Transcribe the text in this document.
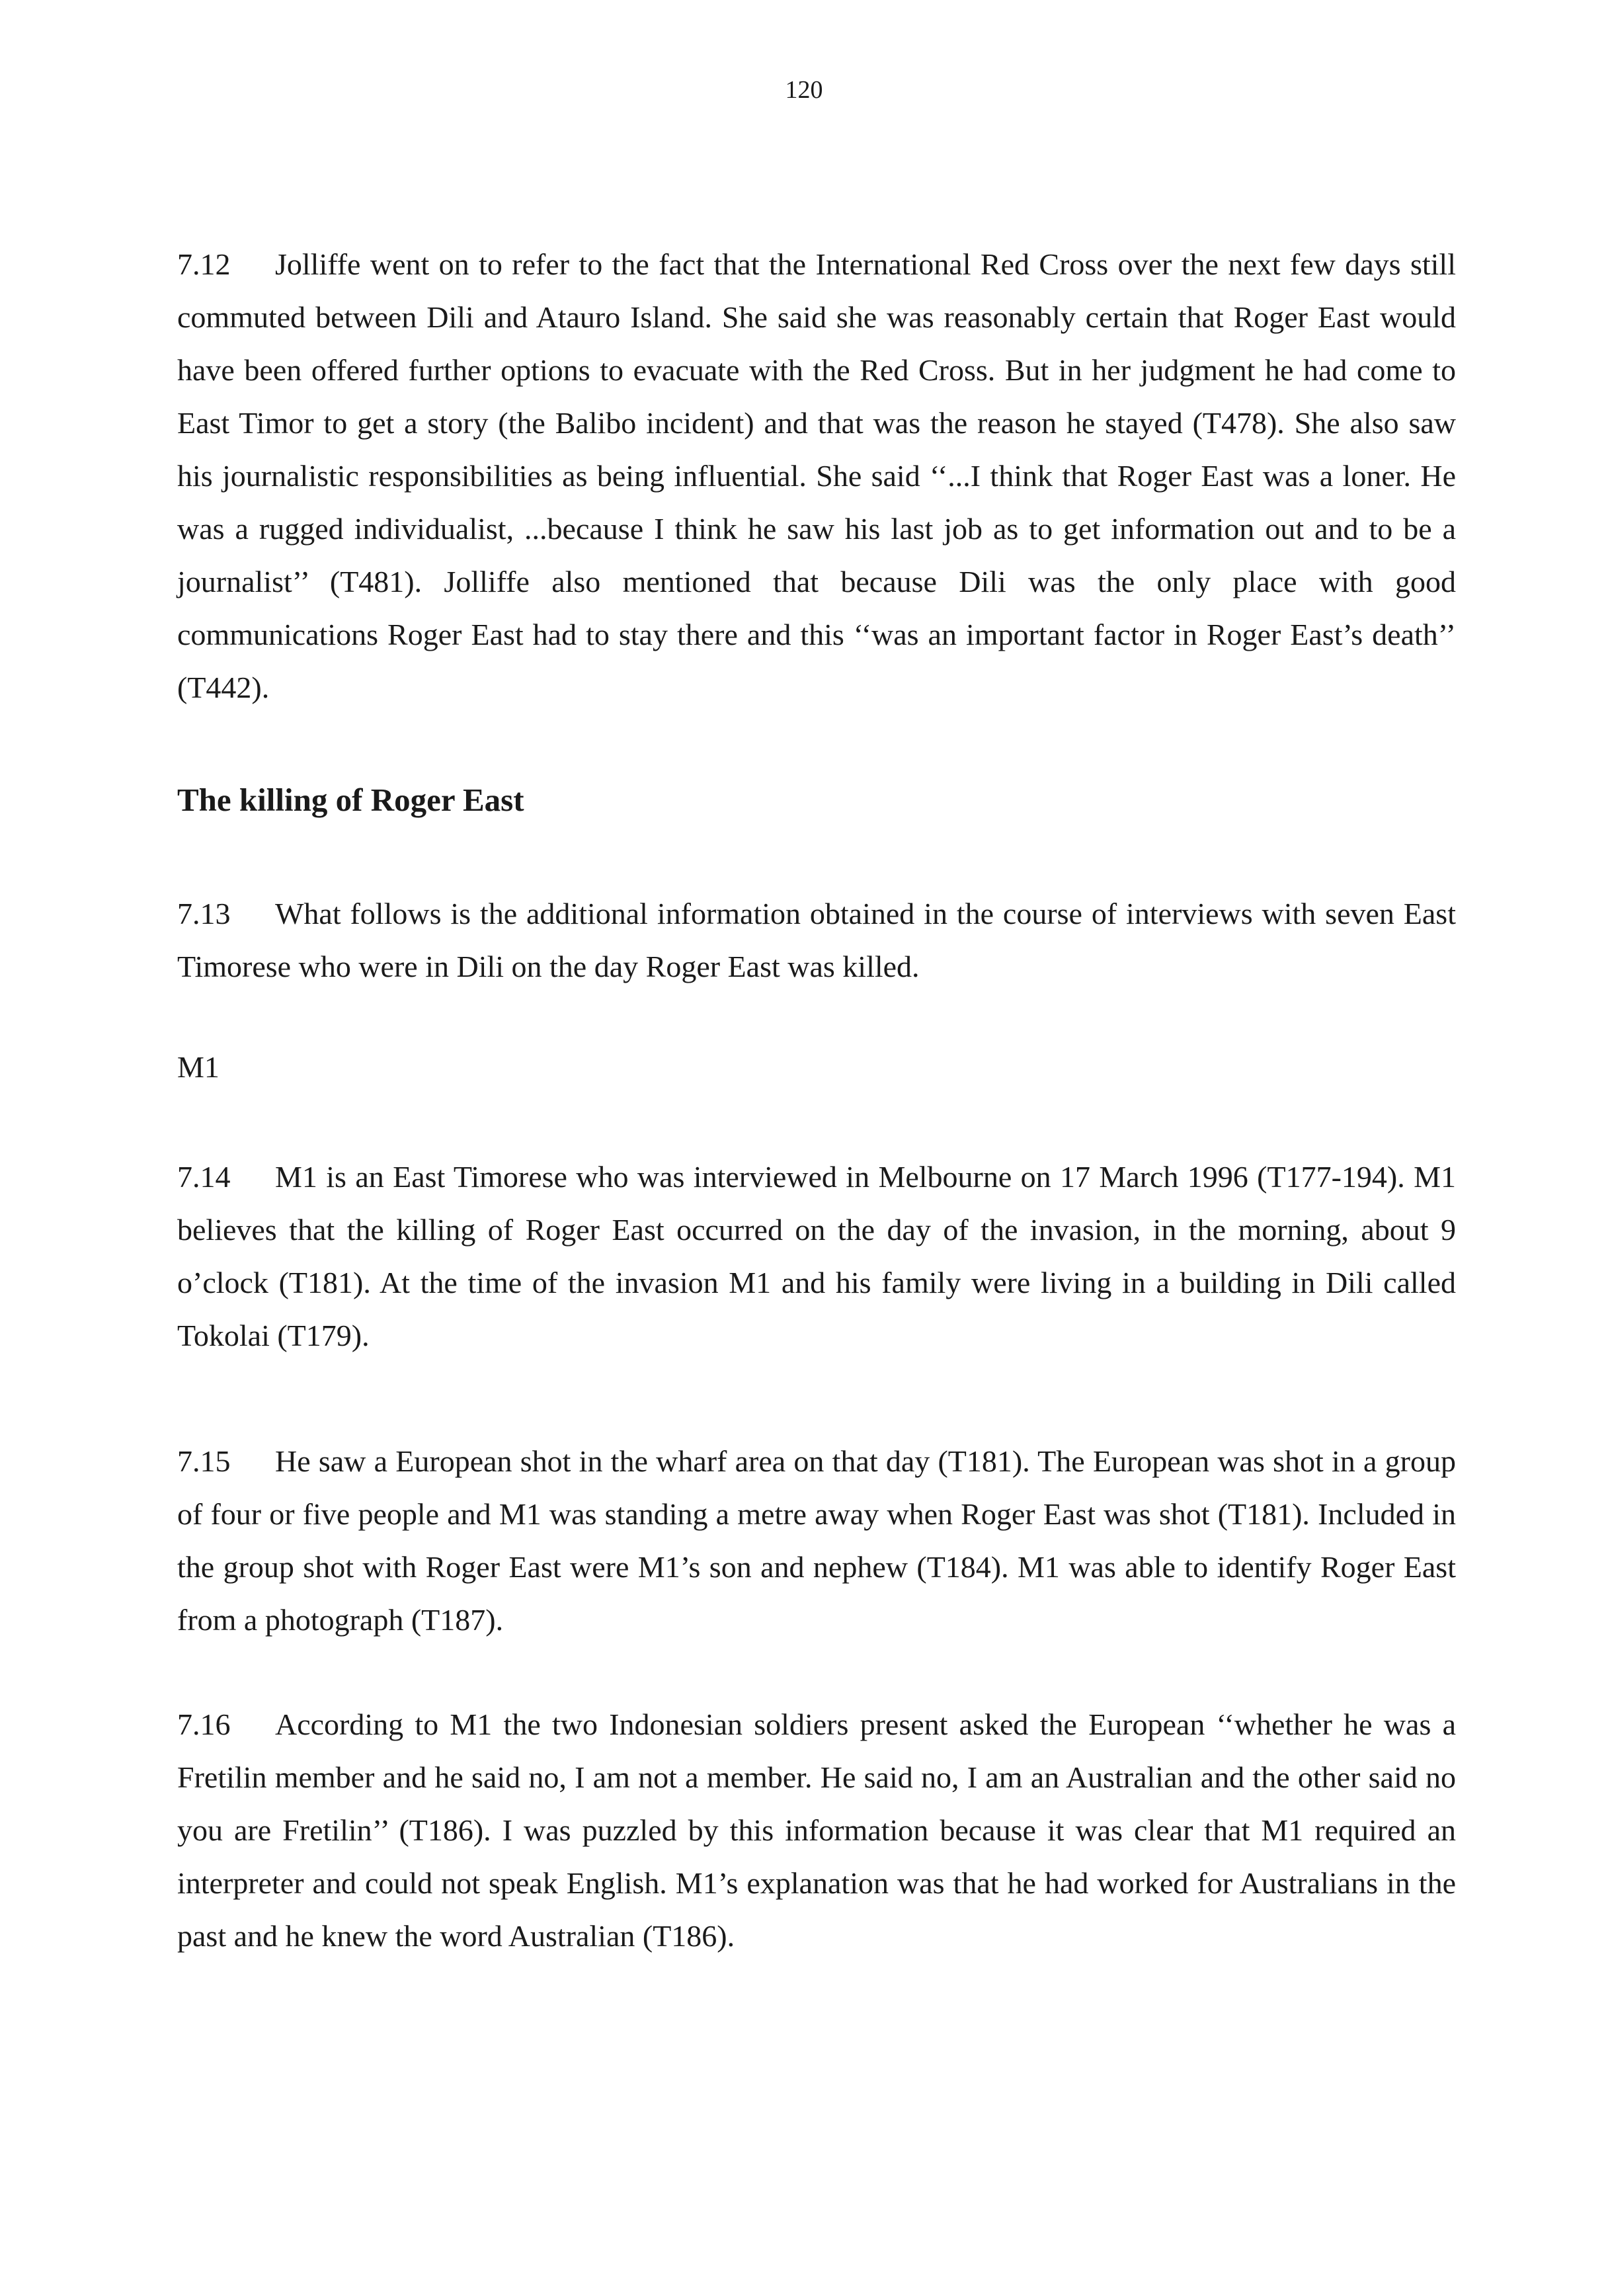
120

7.12 Jolliffe went on to refer to the fact that the International Red Cross over the next few days still commuted between Dili and Atauro Island. She said she was reasonably certain that Roger East would have been offered further options to evacuate with the Red Cross. But in her judgment he had come to East Timor to get a story (the Balibo incident) and that was the reason he stayed (T478). She also saw his journalistic responsibilities as being influential. She said ‘‘...I think that Roger East was a loner. He was a rugged individualist, ...because I think he saw his last job as to get information out and to be a journalist’’ (T481). Jolliffe also mentioned that because Dili was the only place with good communications Roger East had to stay there and this ‘‘was an important factor in Roger East’s death’’ (T442).

The killing of Roger East

7.13 What follows is the additional information obtained in the course of interviews with seven East Timorese who were in Dili on the day Roger East was killed.

M1

7.14 M1 is an East Timorese who was interviewed in Melbourne on 17 March 1996 (T177-194). M1 believes that the killing of Roger East occurred on the day of the invasion, in the morning, about 9 o’clock (T181). At the time of the invasion M1 and his family were living in a building in Dili called Tokolai (T179).

7.15 He saw a European shot in the wharf area on that day (T181). The European was shot in a group of four or five people and M1 was standing a metre away when Roger East was shot (T181). Included in the group shot with Roger East were M1’s son and nephew (T184). M1 was able to identify Roger East from a photograph (T187).

7.16 According to M1 the two Indonesian soldiers present asked the European ‘‘whether he was a Fretilin member and he said no, I am not a member. He said no, I am an Australian and the other said no you are Fretilin’’ (T186). I was puzzled by this information because it was clear that M1 required an interpreter and could not speak English. M1’s explanation was that he had worked for Australians in the past and he knew the word Australian (T186).
